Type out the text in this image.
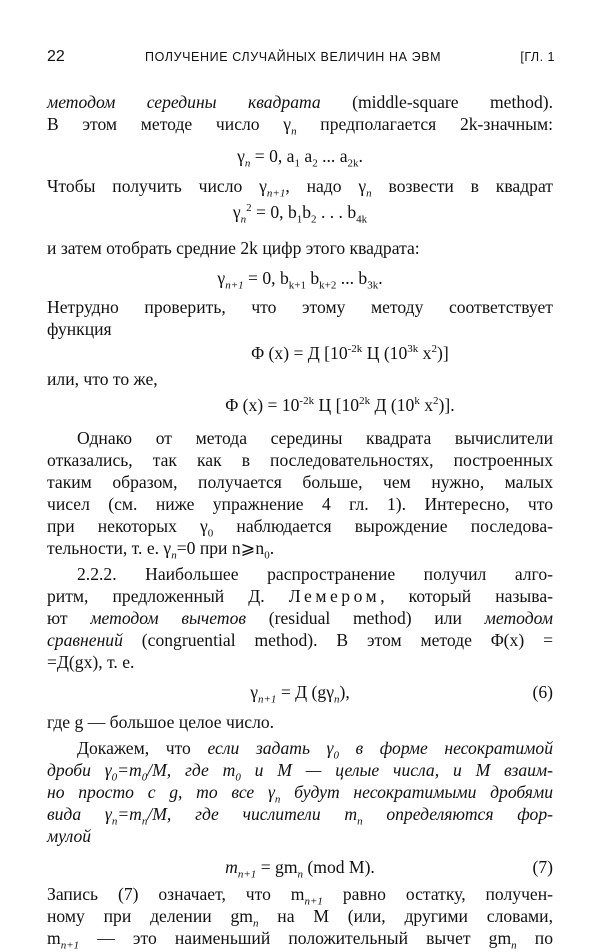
22	ПОЛУЧЕНИЕ СЛУЧАЙНЫХ ВЕЛИЧИН НА ЭВМ	[ГЛ. 1
методом середины квадрата (middle-square method).
В этом методе число $\gamma_n$ предполагается 2k-значным:
$\gamma_n = 0$, $a_1$ $a_2$ ... $a_{2k}$.
Чтобы получить число $\gamma_{n+1}$, надо $\gamma_n$ возвести в квадрат
$\gamma_n^2 = 0$, $b_1b_2$ . . . $b_{4k}$
и затем отобрать средние 2k цифр этого квадрата:
$\gamma_{n+1} = 0$, $b_{k+1}$ $b_{k+2}$ ... $b_{3k}$.
Нетрудно проверить, что этому методу соответствует
функция
Φ (x) = Д [$10^{-2k}$ Ц ($10^{3k}$ $x^2$)]
или, что то же,
Φ $(x) = 10^{-2k}$ Ц [$10^{2k}$ Д (10$^k$ $x^2$)].
Однако от метода середины квадрата вычислители
отказались, так как в последовательностях, построенных
таким образом, получается больше, чем нужно, малых
чисел (см. ниже упражнение 4 гл. 1). Интересно, что
при некоторых $\gamma_0$ наблюдается вырождение последова-
тельности, т. е. $\gamma_n=0$ при $n⩾n_0$.
2.2.2. Наибольшее распространение получил алго-
ритм, предложенный Д. Лемером, который называ-
ют методом вычетов (residual method) или методом
сравнений (congruential method). В этом методе Φ(x) =
=Д(gx), т. е.
$\gamma_{n+1} = Д$ $(g\gamma_n)$,	(6)
где g — большое целое число.
Докажем, что если задать $\gamma_0$ в форме несократимой
дроби $\gamma_0=m_0/M$, где $m_0$ и M — целые числа, и M взаим-
но просто с g, то все $\gamma_n$ будут несократимыми дробями
вида $\gamma_n=m_n/M$, где числители $m_n$ определяются фор-
мулой
$m_{n+1} = gm_n$ (mod M).	(7)
Запись (7) означает, что $m_{n+1}$ равно остатку, получен-
ному при делении $gm_n$ на M (или, другими словами,
$m_{n+1}$ — это наименьший положительный вычет $gm_n$ по
